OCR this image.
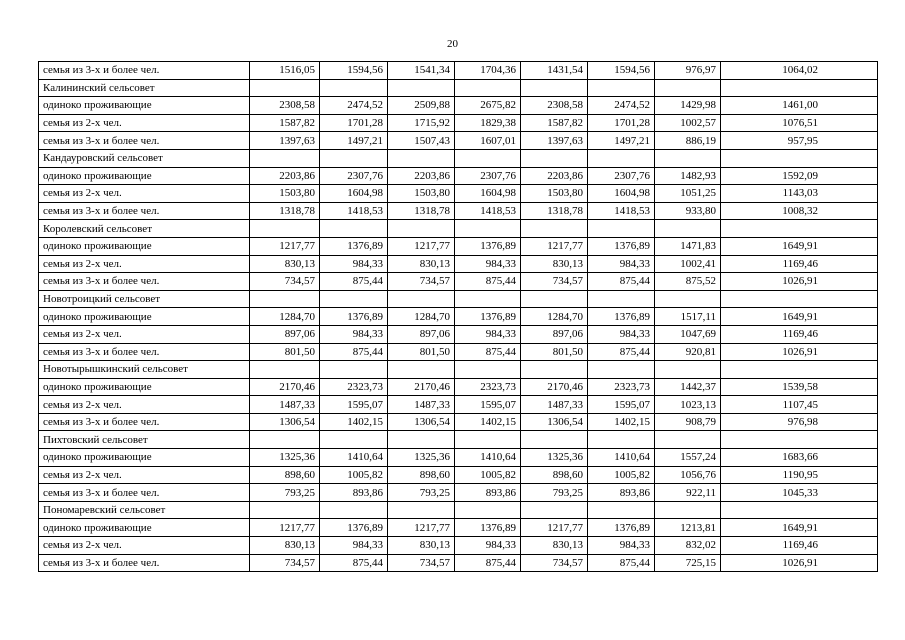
20
семья из 3-х и более чел.	1516,05	1594,56	1541,34	1704,36	1431,54	1594,56	976,97	1064,02
Калининский сельсовет								
одиноко проживающие	2308,58	2474,52	2509,88	2675,82	2308,58	2474,52	1429,98	1461,00
семья из 2-х чел.	1587,82	1701,28	1715,92	1829,38	1587,82	1701,28	1002,57	1076,51
семья из 3-х и более чел.	1397,63	1497,21	1507,43	1607,01	1397,63	1497,21	886,19	957,95
Кандауровский сельсовет								
одиноко проживающие	2203,86	2307,76	2203,86	2307,76	2203,86	2307,76	1482,93	1592,09
семья из 2-х чел.	1503,80	1604,98	1503,80	1604,98	1503,80	1604,98	1051,25	1143,03
семья из 3-х и более чел.	1318,78	1418,53	1318,78	1418,53	1318,78	1418,53	933,80	1008,32
Королевский сельсовет								
одиноко проживающие	1217,77	1376,89	1217,77	1376,89	1217,77	1376,89	1471,83	1649,91
семья из 2-х чел.	830,13	984,33	830,13	984,33	830,13	984,33	1002,41	1169,46
семья из 3-х и более чел.	734,57	875,44	734,57	875,44	734,57	875,44	875,52	1026,91
Новотроицкий сельсовет								
одиноко проживающие	1284,70	1376,89	1284,70	1376,89	1284,70	1376,89	1517,11	1649,91
семья из 2-х чел.	897,06	984,33	897,06	984,33	897,06	984,33	1047,69	1169,46
семья из 3-х и более чел.	801,50	875,44	801,50	875,44	801,50	875,44	920,81	1026,91
Новотырышкинский сельсовет								
одиноко проживающие	2170,46	2323,73	2170,46	2323,73	2170,46	2323,73	1442,37	1539,58
семья из 2-х чел.	1487,33	1595,07	1487,33	1595,07	1487,33	1595,07	1023,13	1107,45
семья из 3-х и более чел.	1306,54	1402,15	1306,54	1402,15	1306,54	1402,15	908,79	976,98
Пихтовский сельсовет								
одиноко проживающие	1325,36	1410,64	1325,36	1410,64	1325,36	1410,64	1557,24	1683,66
семья из 2-х чел.	898,60	1005,82	898,60	1005,82	898,60	1005,82	1056,76	1190,95
семья из 3-х и более чел.	793,25	893,86	793,25	893,86	793,25	893,86	922,11	1045,33
Пономаревский сельсовет								
одиноко проживающие	1217,77	1376,89	1217,77	1376,89	1217,77	1376,89	1213,81	1649,91
семья из 2-х чел.	830,13	984,33	830,13	984,33	830,13	984,33	832,02	1169,46
семья из 3-х и более чел.	734,57	875,44	734,57	875,44	734,57	875,44	725,15	1026,91
